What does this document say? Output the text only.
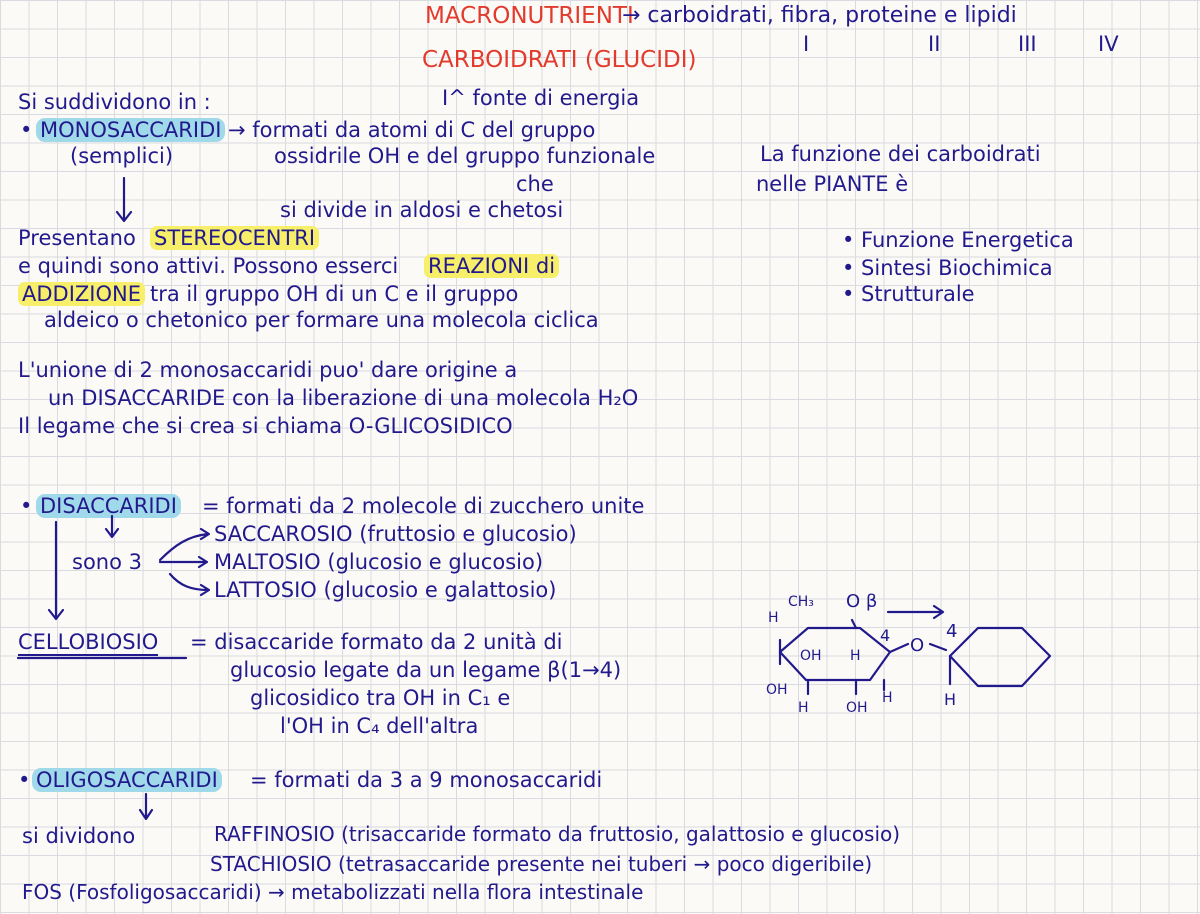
MACRONUTRIENTI
→ carboidrati, fibra, proteine e lipidi
I	II	III	IV
CARBOIDRATI (GLUCIDI)
I^ fonte di energia
Si suddividono in :
• MONOSACCARIDI → formati da atomi di C del gruppo
ossidrile OH e del gruppo funzionale
che
si divide in aldosi e chetosi
(semplici)
Presentano STEREOCENTRI
e quindi sono attivi. Possono esserci REAZIONI di
ADDIZIONE tra il gruppo OH di un C e il gruppo
aldeico o chetonico per formare una molecola ciclica
La funzione dei carboidrati
nelle PIANTE è
• Funzione Energetica
• Sintesi Biochimica
• Strutturale
L'unione di 2 monosaccaridi puo' dare origine a
un DISACCARIDE con la liberazione di una molecola H₂O
Il legame che si crea si chiama O-GLICOSIDICO
• DISACCARIDI = formati da 2 molecole di zucchero unite
sono 3
SACCAROSIO (fruttosio e glucosio)
MALTOSIO (glucosio e glucosio)
LATTOSIO (glucosio e galattosio)
CELLOBIOSIO = disaccaride formato da 2 unità di
glucosio legate da un legame β(1→4)
glicosidico tra OH in C₁ e
l'OH in C₄ dell'altra
• OLIGOSACCARIDI = formati da 3 a 9 monosaccaridi
si dividono	RAFFINOSIO (trisaccaride formato da fruttosio, galattosio e glucosio)
STACHIOSIO (tetrasaccaride presente nei tuberi → poco digeribile)
FOS (Fosfoligosaccaridi) → metabolizzati nella flora intestinale
CH₃ O β
H
OH H
4 O
4
OH
H	OH
H	H
